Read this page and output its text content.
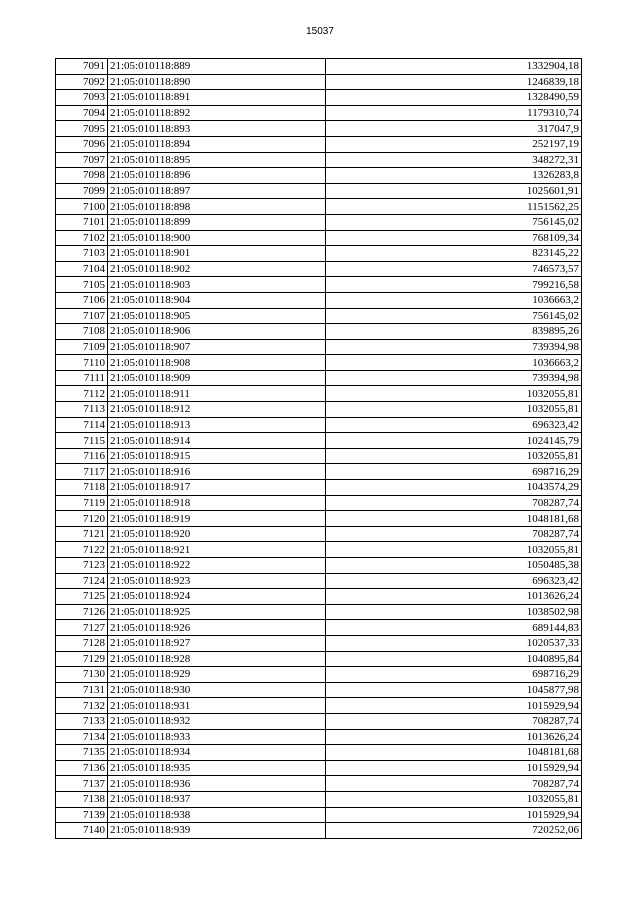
15037
7091	21:05:010118:889	1332904,18
7092	21:05:010118:890	1246839,18
7093	21:05:010118:891	1328490,59
7094	21:05:010118:892	1179310,74
7095	21:05:010118:893	317047,9
7096	21:05:010118:894	252197,19
7097	21:05:010118:895	348272,31
7098	21:05:010118:896	1326283,8
7099	21:05:010118:897	1025601,91
7100	21:05:010118:898	1151562,25
7101	21:05:010118:899	756145,02
7102	21:05:010118:900	768109,34
7103	21:05:010118:901	823145,22
7104	21:05:010118:902	746573,57
7105	21:05:010118:903	799216,58
7106	21:05:010118:904	1036663,2
7107	21:05:010118:905	756145,02
7108	21:05:010118:906	839895,26
7109	21:05:010118:907	739394,98
7110	21:05:010118:908	1036663,2
7111	21:05:010118:909	739394,98
7112	21:05:010118:911	1032055,81
7113	21:05:010118:912	1032055,81
7114	21:05:010118:913	696323,42
7115	21:05:010118:914	1024145,79
7116	21:05:010118:915	1032055,81
7117	21:05:010118:916	698716,29
7118	21:05:010118:917	1043574,29
7119	21:05:010118:918	708287,74
7120	21:05:010118:919	1048181,68
7121	21:05:010118:920	708287,74
7122	21:05:010118:921	1032055,81
7123	21:05:010118:922	1050485,38
7124	21:05:010118:923	696323,42
7125	21:05:010118:924	1013626,24
7126	21:05:010118:925	1038502,98
7127	21:05:010118:926	689144,83
7128	21:05:010118:927	1020537,33
7129	21:05:010118:928	1040895,84
7130	21:05:010118:929	698716,29
7131	21:05:010118:930	1045877,98
7132	21:05:010118:931	1015929,94
7133	21:05:010118:932	708287,74
7134	21:05:010118:933	1013626,24
7135	21:05:010118:934	1048181,68
7136	21:05:010118:935	1015929,94
7137	21:05:010118:936	708287,74
7138	21:05:010118:937	1032055,81
7139	21:05:010118:938	1015929,94
7140	21:05:010118:939	720252,06
